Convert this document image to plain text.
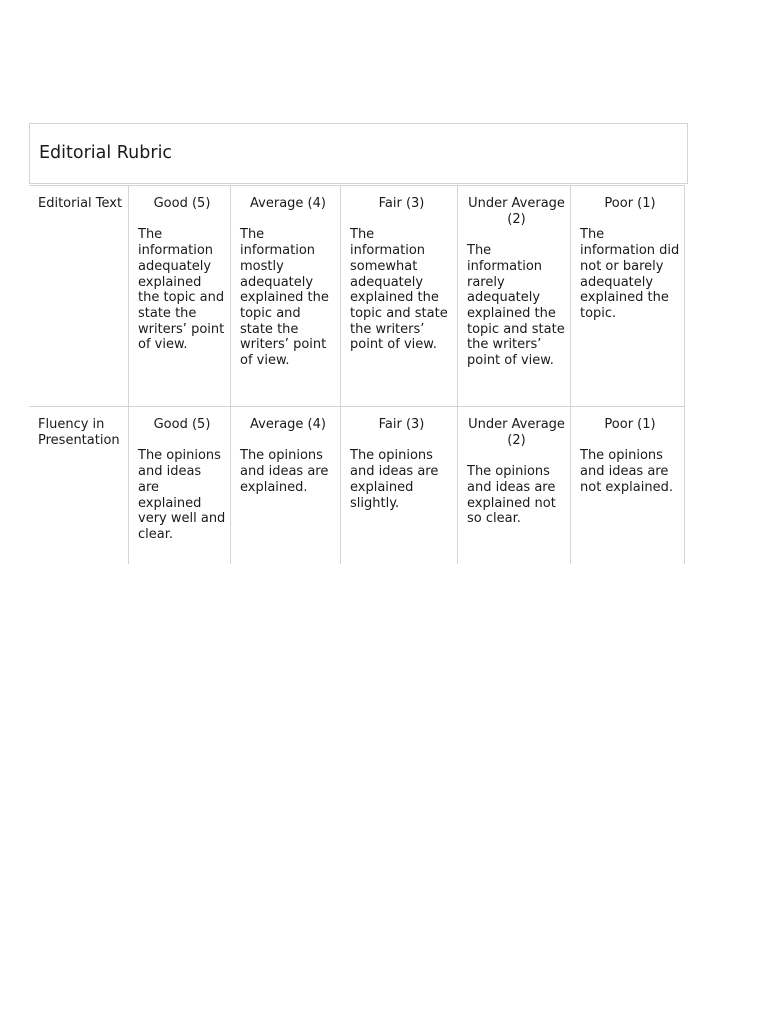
Editorial Rubric
Editorial Text	Good (5)
The information adequately explained the topic and state the writers’ point of view.
Average (4)
The information mostly adequately explained the topic and state the writers’ point of view.
Fair (3)
The information somewhat adequately explained the topic and state the writers’ point of view.
Under Average (2)
The information rarely adequately explained the topic and state the writers’ point of view.
Poor (1)
The information did not or barely adequately explained the topic.
Fluency in Presentation
Good (5)
The opinions and ideas are explained very well and clear.
Average (4)
The opinions and ideas are explained.
Fair (3)
The opinions and ideas are explained slightly.
Under Average (2)
The opinions and ideas are explained not so clear.
Poor (1)
The opinions and ideas are not explained.
